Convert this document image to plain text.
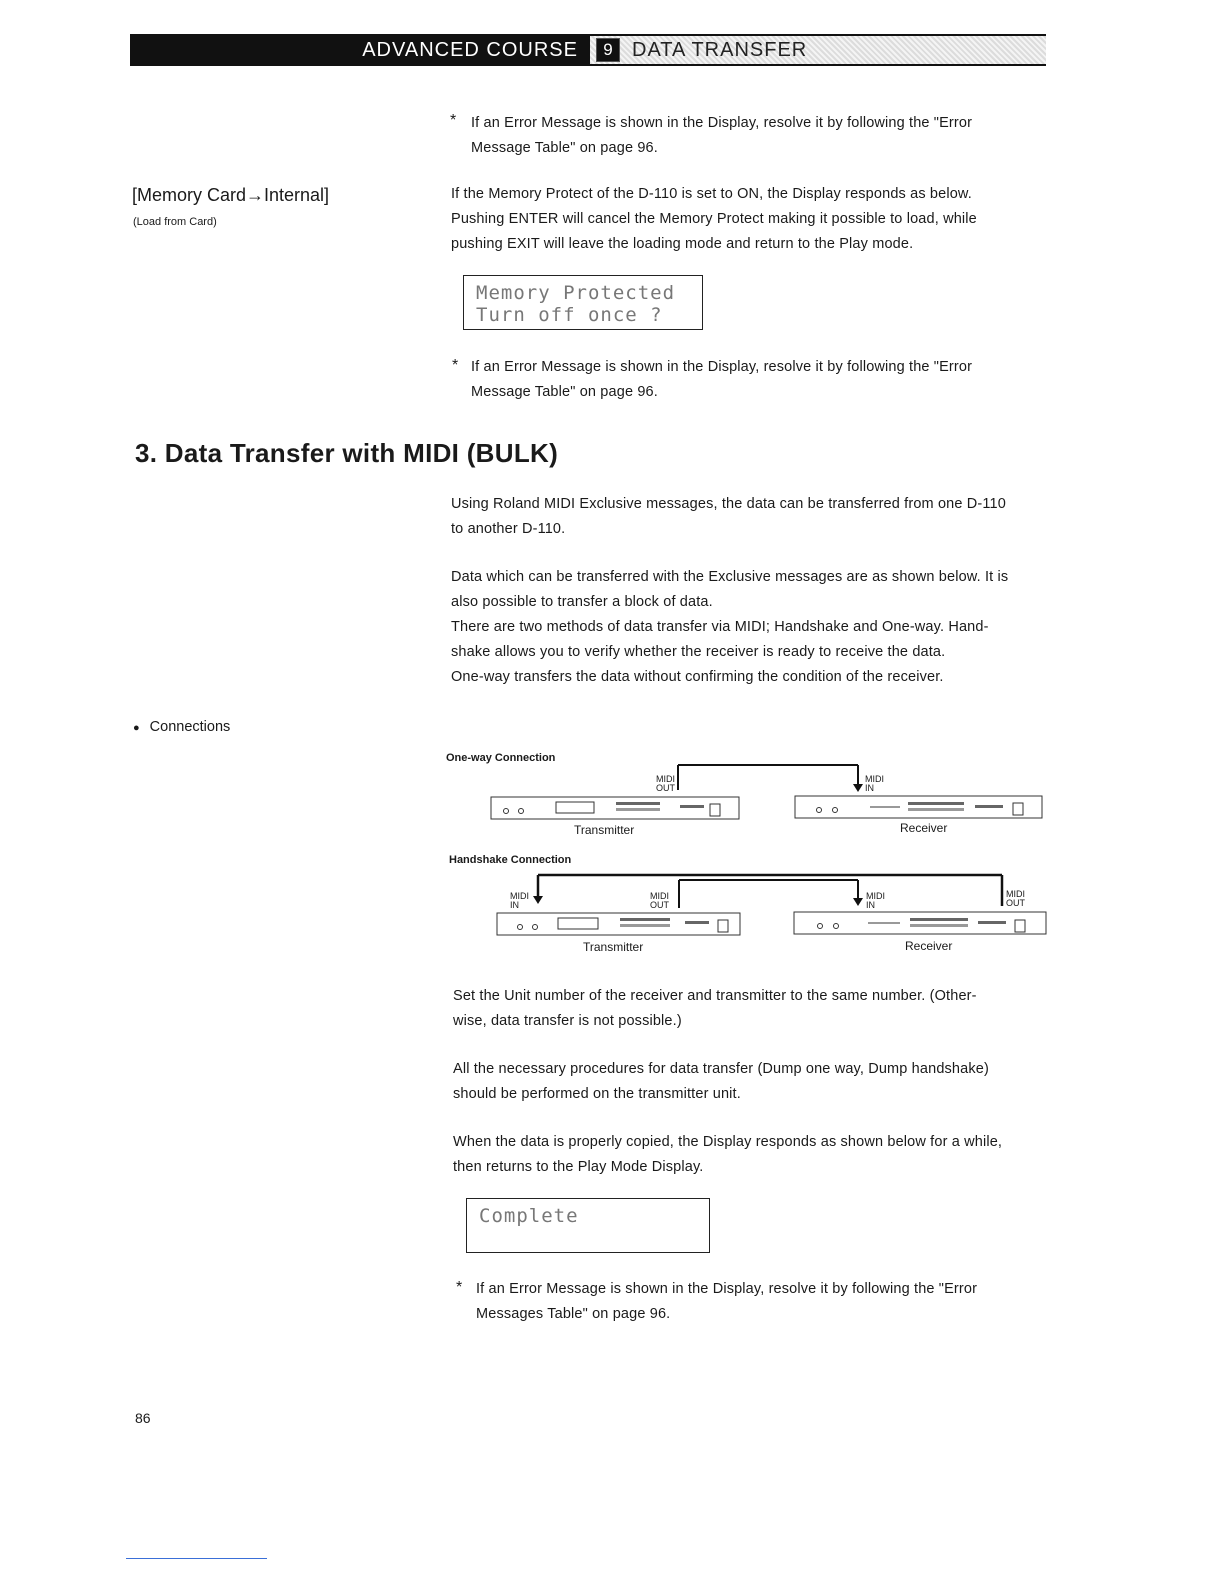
ADVANCED COURSE	9 DATA TRANSFER
* If an Error Message is shown in the Display, resolve it by following the "Error
Message Table" on page 96.
[Memory Card→Internal]
(Load from Card)
If the Memory Protect of the D-110 is set to ON, the Display responds as below.
Pushing ENTER will cancel the Memory Protect making it possible to load, while
pushing EXIT will leave the loading mode and return to the Play mode.
Memory Protected
Turn off once ?
* If an Error Message is shown in the Display, resolve it by following the "Error
Message Table" on page 96.
3. Data Transfer with MIDI (BULK)
Using Roland MIDI Exclusive messages, the data can be transferred from one D-110
to another D-110.
Data which can be transferred with the Exclusive messages are as shown below. It is
also possible to transfer a block of data.
There are two methods of data transfer via MIDI; Handshake and One-way. Hand-
shake allows you to verify whether the receiver is ready to receive the data.
One-way transfers the data without confirming the condition of the receiver.
● Connections
One-way Connection
MIDI
OUT
MIDI
IN
Transmitter	Receiver
Handshake Connection
MIDI
IN
MIDI
OUT
MIDI
IN
MIDI
OUT
Transmitter	Receiver
Set the Unit number of the receiver and transmitter to the same number. (Other-
wise, data transfer is not possible.)
All the necessary procedures for data transfer (Dump one way, Dump handshake)
should be performed on the transmitter unit.
When the data is properly copied, the Display responds as shown below for a while,
then returns to the Play Mode Display.
Complete
* If an Error Message is shown in the Display, resolve it by following the "Error
Messages Table" on page 96.
86
